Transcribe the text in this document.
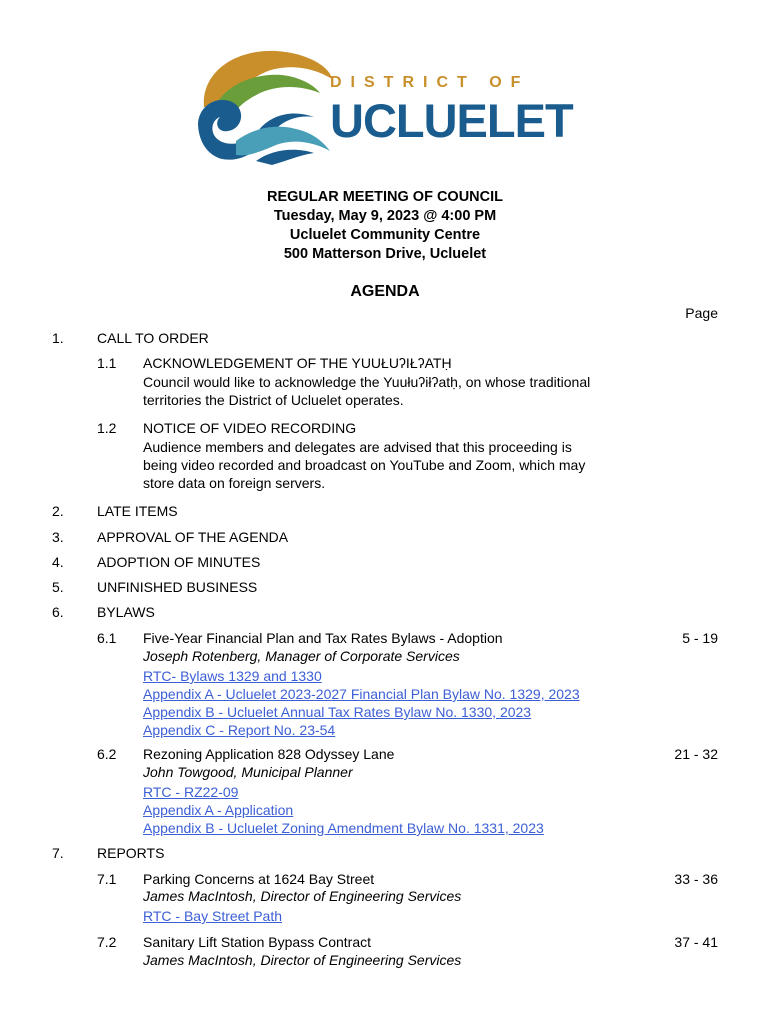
DISTRICT OF
UCLUELET
REGULAR MEETING OF COUNCIL
Tuesday, May 9, 2023 @ 4:00 PM
Ucluelet Community Centre
500 Matterson Drive, Ucluelet
AGENDA
Page
1. CALL TO ORDER
1.1 ACKNOWLEDGEMENT OF THE YUUŁUʔIŁʔATḤ
Council would like to acknowledge the Yuułuʔiłʔatḥ, on whose traditional
territories the District of Ucluelet operates.
1.2 NOTICE OF VIDEO RECORDING
Audience members and delegates are advised that this proceeding is
being video recorded and broadcast on YouTube and Zoom, which may
store data on foreign servers.
2. LATE ITEMS
3. APPROVAL OF THE AGENDA
4. ADOPTION OF MINUTES
5. UNFINISHED BUSINESS
6. BYLAWS
6.1 Five-Year Financial Plan and Tax Rates Bylaws - Adoption	5 - 19
Joseph Rotenberg, Manager of Corporate Services
RTC- Bylaws 1329 and 1330
Appendix A - Ucluelet 2023-2027 Financial Plan Bylaw No. 1329, 2023
Appendix B - Ucluelet Annual Tax Rates Bylaw No. 1330, 2023
Appendix C - Report No. 23-54
6.2 Rezoning Application 828 Odyssey Lane	21 - 32
John Towgood, Municipal Planner
RTC - RZ22-09
Appendix A - Application
Appendix B - Ucluelet Zoning Amendment Bylaw No. 1331, 2023
7. REPORTS
7.1 Parking Concerns at 1624 Bay Street	33 - 36
James MacIntosh, Director of Engineering Services
RTC - Bay Street Path
7.2 Sanitary Lift Station Bypass Contract	37 - 41
James MacIntosh, Director of Engineering Services
